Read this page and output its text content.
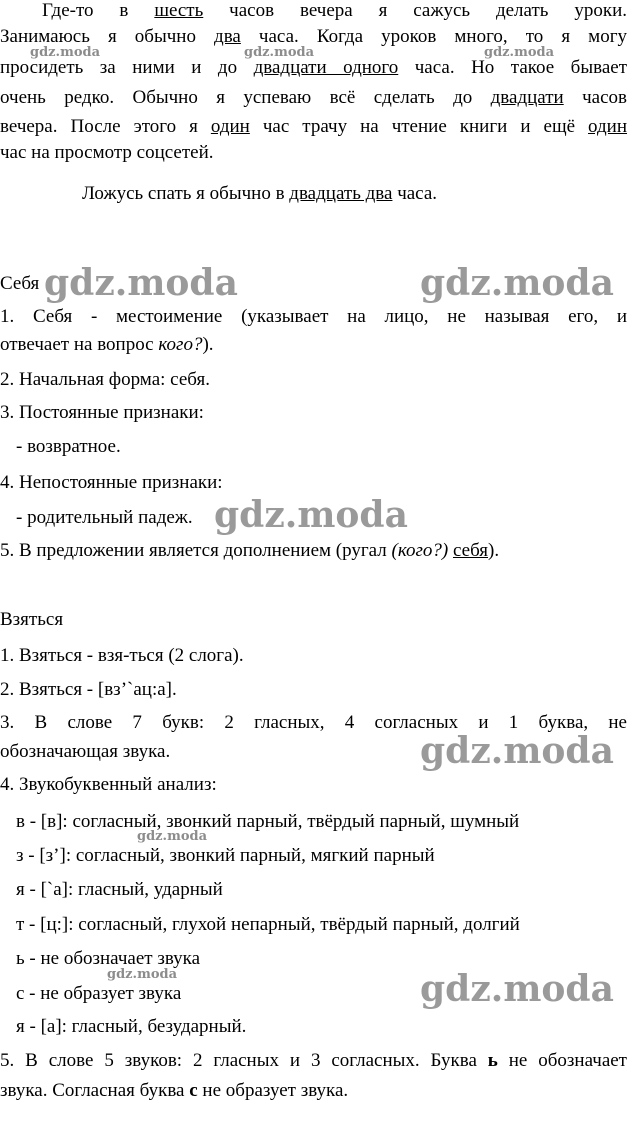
Где-то в шесть часов вечера я сажусь делать уроки.
Занимаюсь я обычно два часа. Когда уроков много, то я могу
просидеть за ними и до двадцати одного часа. Но такое бывает
очень редко. Обычно я успеваю всё сделать до двадцати часов
вечера. После этого я один час трачу на чтение книги и ещё один
час на просмотр соцсетей.
Ложусь спать я обычно в двадцать два часа.
Себя
1. Себя - местоимение (указывает на лицо, не называя его, и
отвечает на вопрос кого?).
2. Начальная форма: себя.
3. Постоянные признаки:
- возвратное.
4. Непостоянные признаки:
- родительный падеж.
5. В предложении является дополнением (ругал (кого?) себя).
Взяться
1. Взяться - взя-ться (2 слога).
2. Взяться - [вз’`ац:а].
3. В слове 7 букв: 2 гласных, 4 согласных и 1 буква, не
обозначающая звука.
4. Звукобуквенный анализ:
в - [в]: согласный, звонкий парный, твёрдый парный, шумный
з - [з’]: согласный, звонкий парный, мягкий парный
я - [`а]: гласный, ударный
т - [ц:]: согласный, глухой непарный, твёрдый парный, долгий
ь - не обозначает звука
с - не образует звука
я - [а]: гласный, безударный.
5. В слове 5 звуков: 2 гласных и 3 согласных. Буква ь не обозначает
звука. Согласная буква с не образует звука.
gdz.moda	gdz.moda	gdz.moda
gdz.moda	gdz.moda
gdz.moda
gdz.moda
gdz.moda
gdz.moda	gdz.moda
